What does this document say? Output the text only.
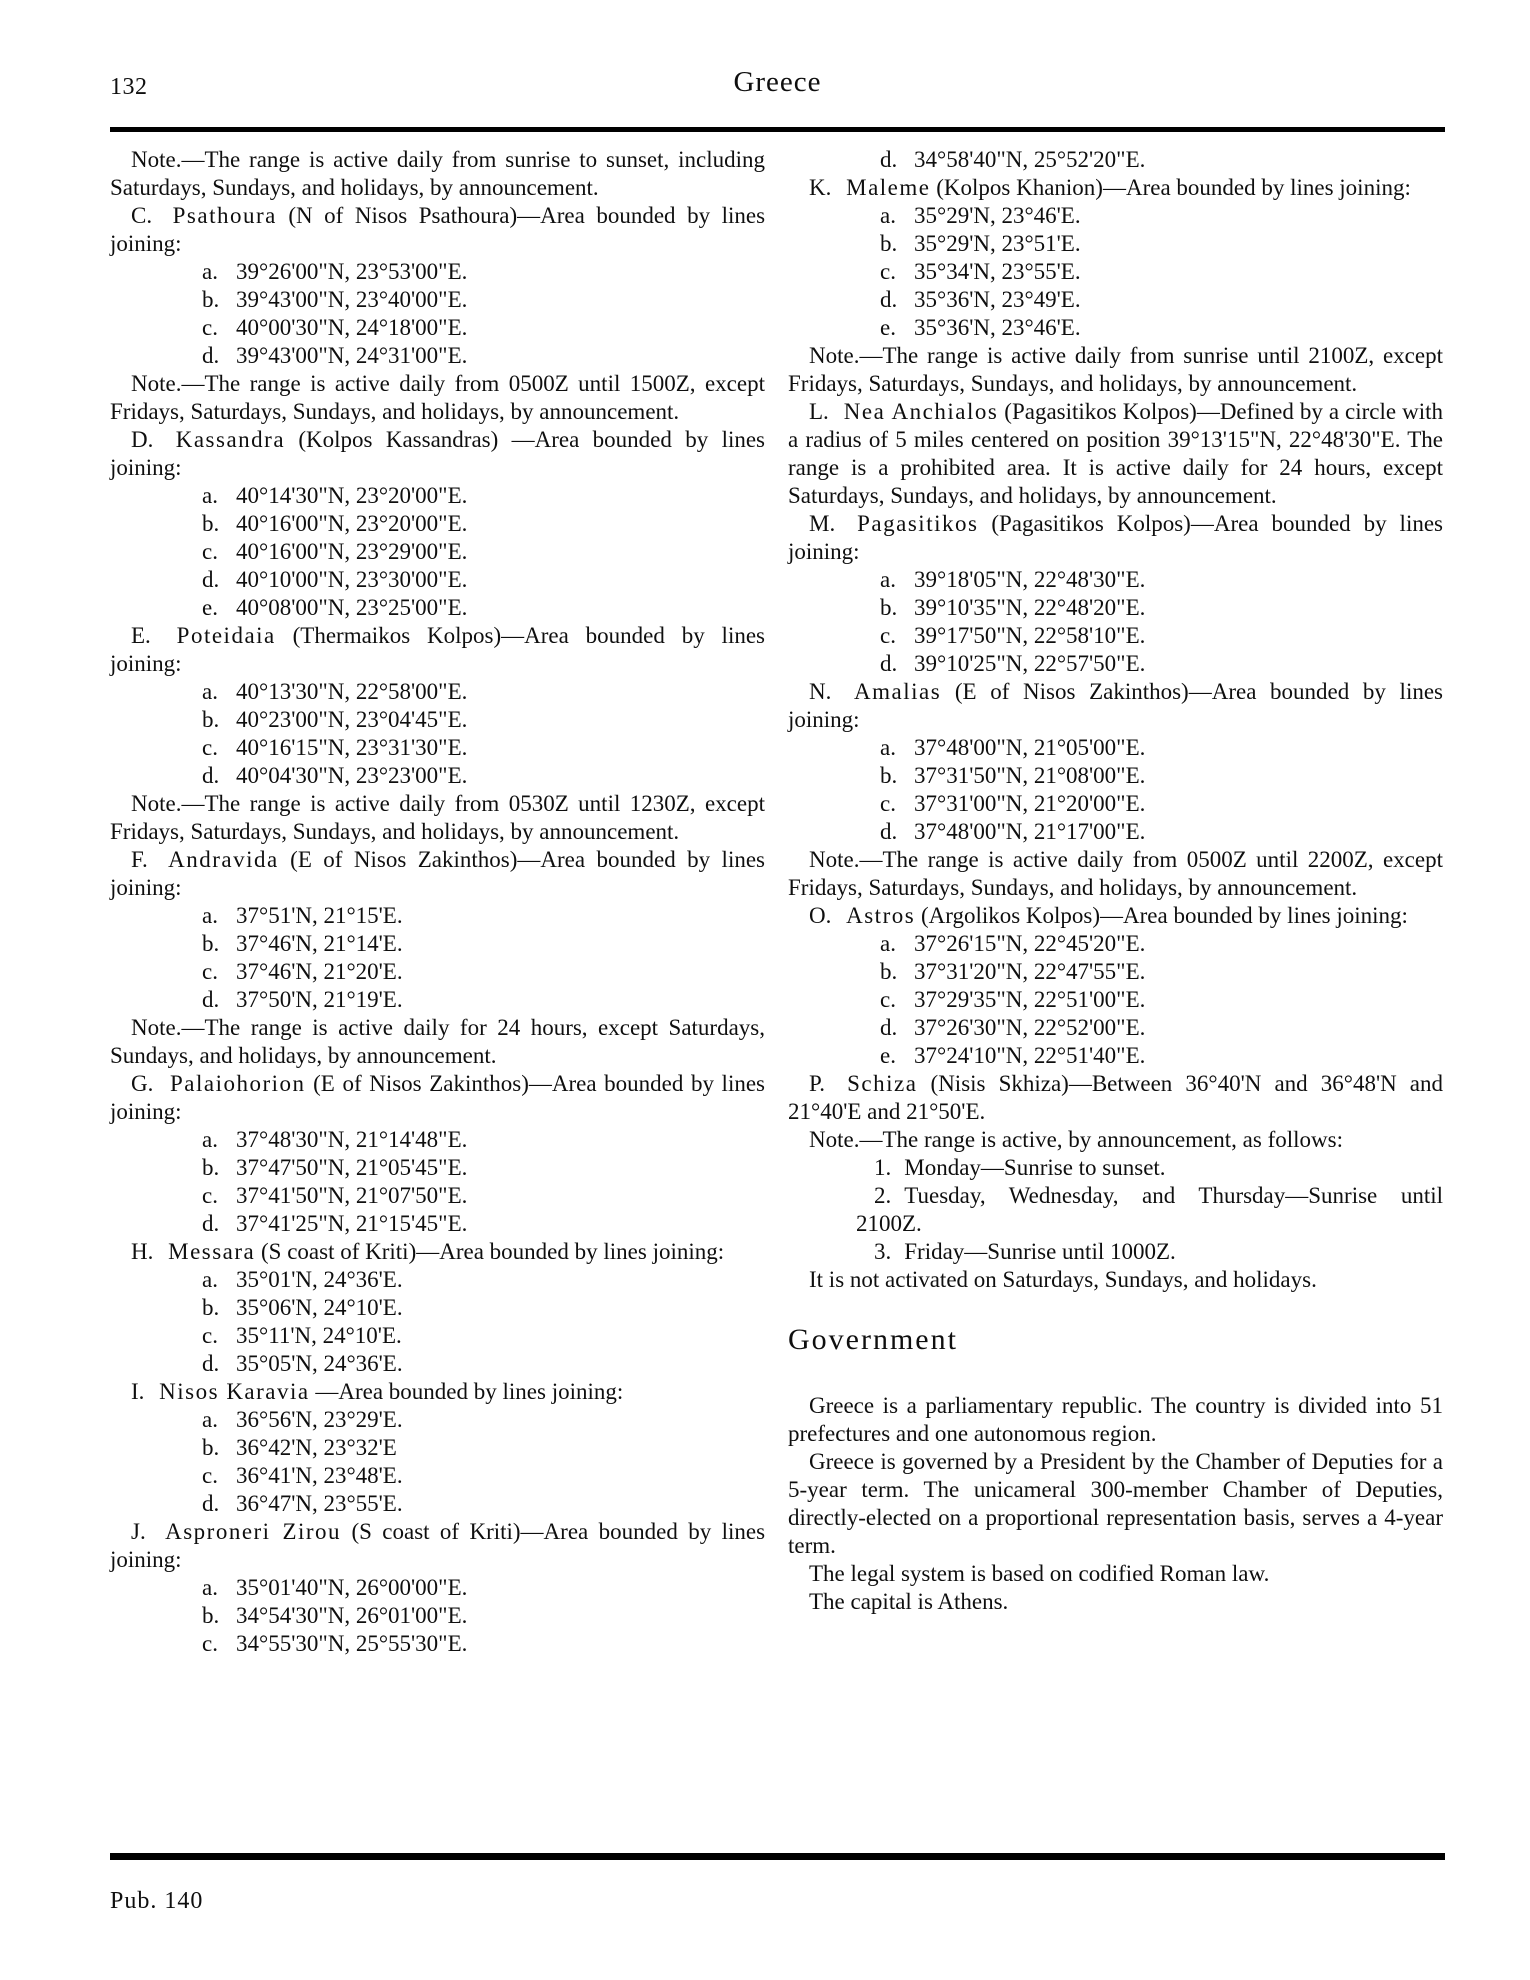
132	Greece

Note.—The range is active daily from sunrise to sunset, including Saturdays, Sundays, and holidays, by announcement.

C. Psathoura (N of Nisos Psathoura)—Area bounded by lines joining:

a. 39°26'00"N, 23°53'00"E.
b. 39°43'00"N, 23°40'00"E.
c. 40°00'30"N, 24°18'00"E.
d. 39°43'00"N, 24°31'00"E.

Note.—The range is active daily from 0500Z until 1500Z, except Fridays, Saturdays, Sundays, and holidays, by announcement.

D. Kassandra (Kolpos Kassandras) —Area bounded by lines joining:

a. 40°14'30"N, 23°20'00"E.
b. 40°16'00"N, 23°20'00"E.
c. 40°16'00"N, 23°29'00"E.
d. 40°10'00"N, 23°30'00"E.
e. 40°08'00"N, 23°25'00"E.

E. Poteidaia (Thermaikos Kolpos)—Area bounded by lines joining:

a. 40°13'30"N, 22°58'00"E.
b. 40°23'00"N, 23°04'45"E.
c. 40°16'15"N, 23°31'30"E.
d. 40°04'30"N, 23°23'00"E.

Note.—The range is active daily from 0530Z until 1230Z, except Fridays, Saturdays, Sundays, and holidays, by announcement.

F. Andravida (E of Nisos Zakinthos)—Area bounded by lines joining:

a. 37°51'N, 21°15'E.
b. 37°46'N, 21°14'E.
c. 37°46'N, 21°20'E.
d. 37°50'N, 21°19'E.

Note.—The range is active daily for 24 hours, except Saturdays, Sundays, and holidays, by announcement.

G. Palaiohorion (E of Nisos Zakinthos)—Area bounded by lines joining:

a. 37°48'30"N, 21°14'48"E.
b. 37°47'50"N, 21°05'45"E.
c. 37°41'50"N, 21°07'50"E.
d. 37°41'25"N, 21°15'45"E.

H. Messara (S coast of Kriti)—Area bounded by lines joining:

a. 35°01'N, 24°36'E.
b. 35°06'N, 24°10'E.
c. 35°11'N, 24°10'E.
d. 35°05'N, 24°36'E.

I. Nisos Karavia —Area bounded by lines joining:

a. 36°56'N, 23°29'E.
b. 36°42'N, 23°32'E
c. 36°41'N, 23°48'E.
d. 36°47'N, 23°55'E.

J. Asproneri Zirou (S coast of Kriti)—Area bounded by lines joining:

a. 35°01'40"N, 26°00'00"E.
b. 34°54'30"N, 26°01'00"E.
c. 34°55'30"N, 25°55'30"E.
d. 34°58'40"N, 25°52'20"E.

K. Maleme (Kolpos Khanion)—Area bounded by lines joining:

a. 35°29'N, 23°46'E.
b. 35°29'N, 23°51'E.
c. 35°34'N, 23°55'E.
d. 35°36'N, 23°49'E.
e. 35°36'N, 23°46'E.

Note.—The range is active daily from sunrise until 2100Z, except Fridays, Saturdays, Sundays, and holidays, by announcement.

L. Nea Anchialos (Pagasitikos Kolpos)—Defined by a circle with a radius of 5 miles centered on position 39°13'15"N, 22°48'30"E. The range is a prohibited area. It is active daily for 24 hours, except Saturdays, Sundays, and holidays, by announcement.

M. Pagasitikos (Pagasitikos Kolpos)—Area bounded by lines joining:

a. 39°18'05"N, 22°48'30"E.
b. 39°10'35"N, 22°48'20"E.
c. 39°17'50"N, 22°58'10"E.
d. 39°10'25"N, 22°57'50"E.

N. Amalias (E of Nisos Zakinthos)—Area bounded by lines joining:

a. 37°48'00"N, 21°05'00"E.
b. 37°31'50"N, 21°08'00"E.
c. 37°31'00"N, 21°20'00"E.
d. 37°48'00"N, 21°17'00"E.

Note.—The range is active daily from 0500Z until 2200Z, except Fridays, Saturdays, Sundays, and holidays, by announcement.

O. Astros (Argolikos Kolpos)—Area bounded by lines joining:

a. 37°26'15"N, 22°45'20"E.
b. 37°31'20"N, 22°47'55"E.
c. 37°29'35"N, 22°51'00"E.
d. 37°26'30"N, 22°52'00"E.
e. 37°24'10"N, 22°51'40"E.

P. Schiza (Nisis Skhiza)—Between 36°40'N and 36°48'N and 21°40'E and 21°50'E.

Note.—The range is active, by announcement, as follows:

1. Monday—Sunrise to sunset.

2. Tuesday, Wednesday, and Thursday—Sunrise until 2100Z.

3. Friday—Sunrise until 1000Z.

It is not activated on Saturdays, Sundays, and holidays.

Government

Greece is a parliamentary republic. The country is divided into 51 prefectures and one autonomous region.

Greece is governed by a President by the Chamber of Deputies for a 5-year term. The unicameral 300-member Chamber of Deputies, directly-elected on a proportional representation basis, serves a 4-year term.

The legal system is based on codified Roman law.

The capital is Athens.

Pub. 140
